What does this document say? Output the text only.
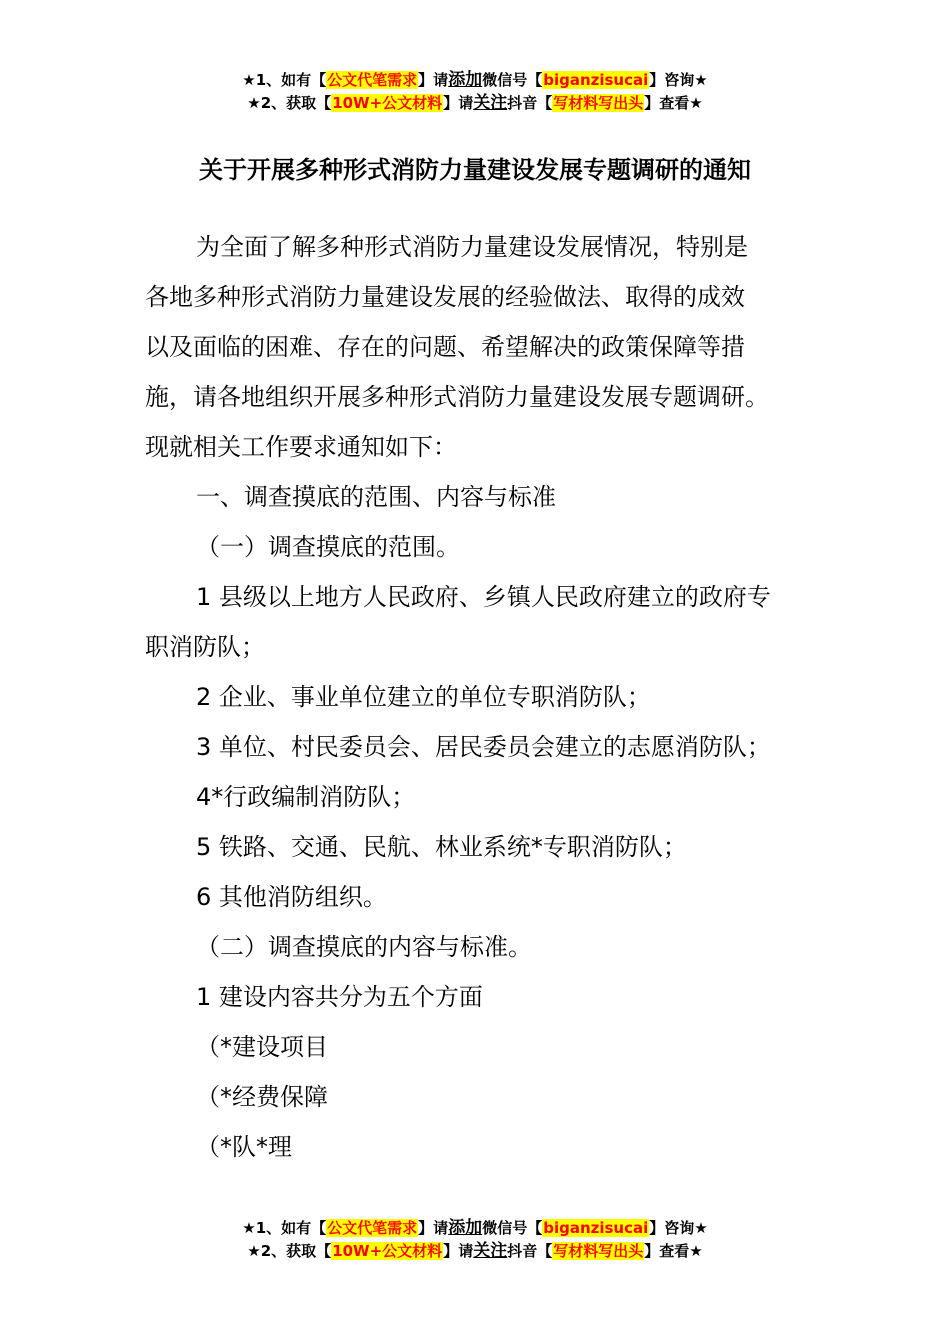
★1、如有【公文代笔需求】请添加微信号【biganzisucai】咨询★
★2、获取【10W+公文材料】请关注抖音【写材料写出头】查看★
关于开展多种形式消防力量建设发展专题调研的通知

为全面了解多种形式消防力量建设发展情况，特别是

各地多种形式消防力量建设发展的经验做法、取得的成效

以及面临的困难、存在的问题、希望解决的政策保障等措

施，请各地组织开展多种形式消防力量建设发展专题调研。

现就相关工作要求通知如下：

一、调查摸底的范围、内容与标准

（一）调查摸底的范围。

1 县级以上地方人民政府、乡镇人民政府建立的政府专

职消防队；

2 企业、事业单位建立的单位专职消防队；

3 单位、村民委员会、居民委员会建立的志愿消防队；

4*行政编制消防队；

5 铁路、交通、民航、林业系统*专职消防队；

6 其他消防组织。

（二）调查摸底的内容与标准。

1 建设内容共分为五个方面

（*建设项目

（*经费保障

（*队*理

★1、如有【公文代笔需求】请添加微信号【biganzisucai】咨询★
★2、获取【10W+公文材料】请关注抖音【写材料写出头】查看★
